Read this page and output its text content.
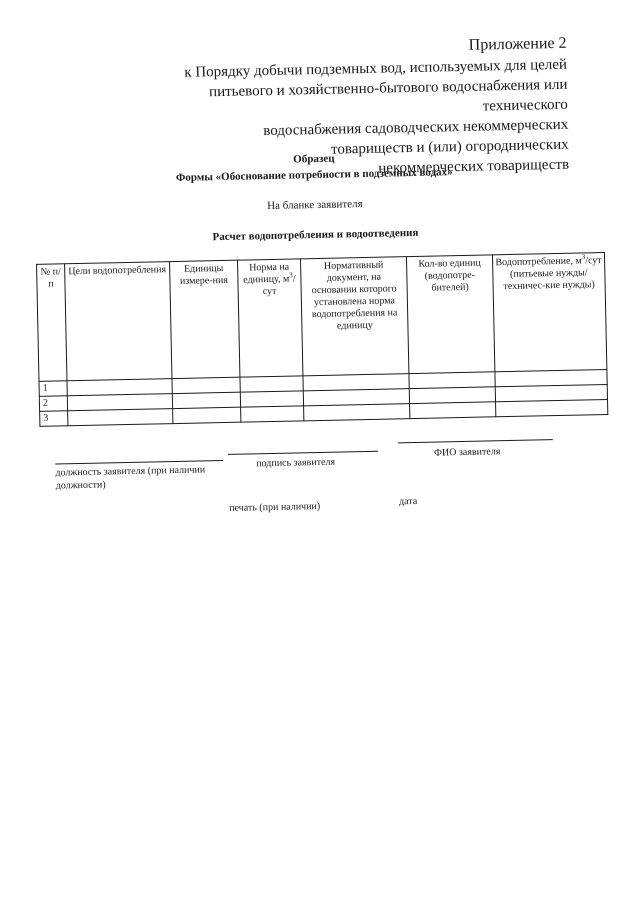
Приложение 2
к Порядку добычи подземных вод, используемых для целей
питьевого и хозяйственно-бытового водоснабжения или технического
водоснабжения садоводческих некоммерческих
товариществ и (или) огороднических
некоммерческих товариществ
Образец
Формы «Обоснование потребности в подземных водах»
На бланке заявителя
Расчет водопотребления и водоотведения
№ п/п	Цели водопотребления	Единицы измере-ния	Норма на единицу, $м^3$/сут	Нормативный документ, на основании которого установлена норма водопотребления на единицу	Кол-во единиц (водопотре-бителей)	Водопотребление, $м^3$/сут (питьевые нужды/техничес-кие нужды)
1						
2						
3						
должность заявителя (при наличии должности)
подпись заявителя
ФИО заявителя
печать (при наличии)	дата
